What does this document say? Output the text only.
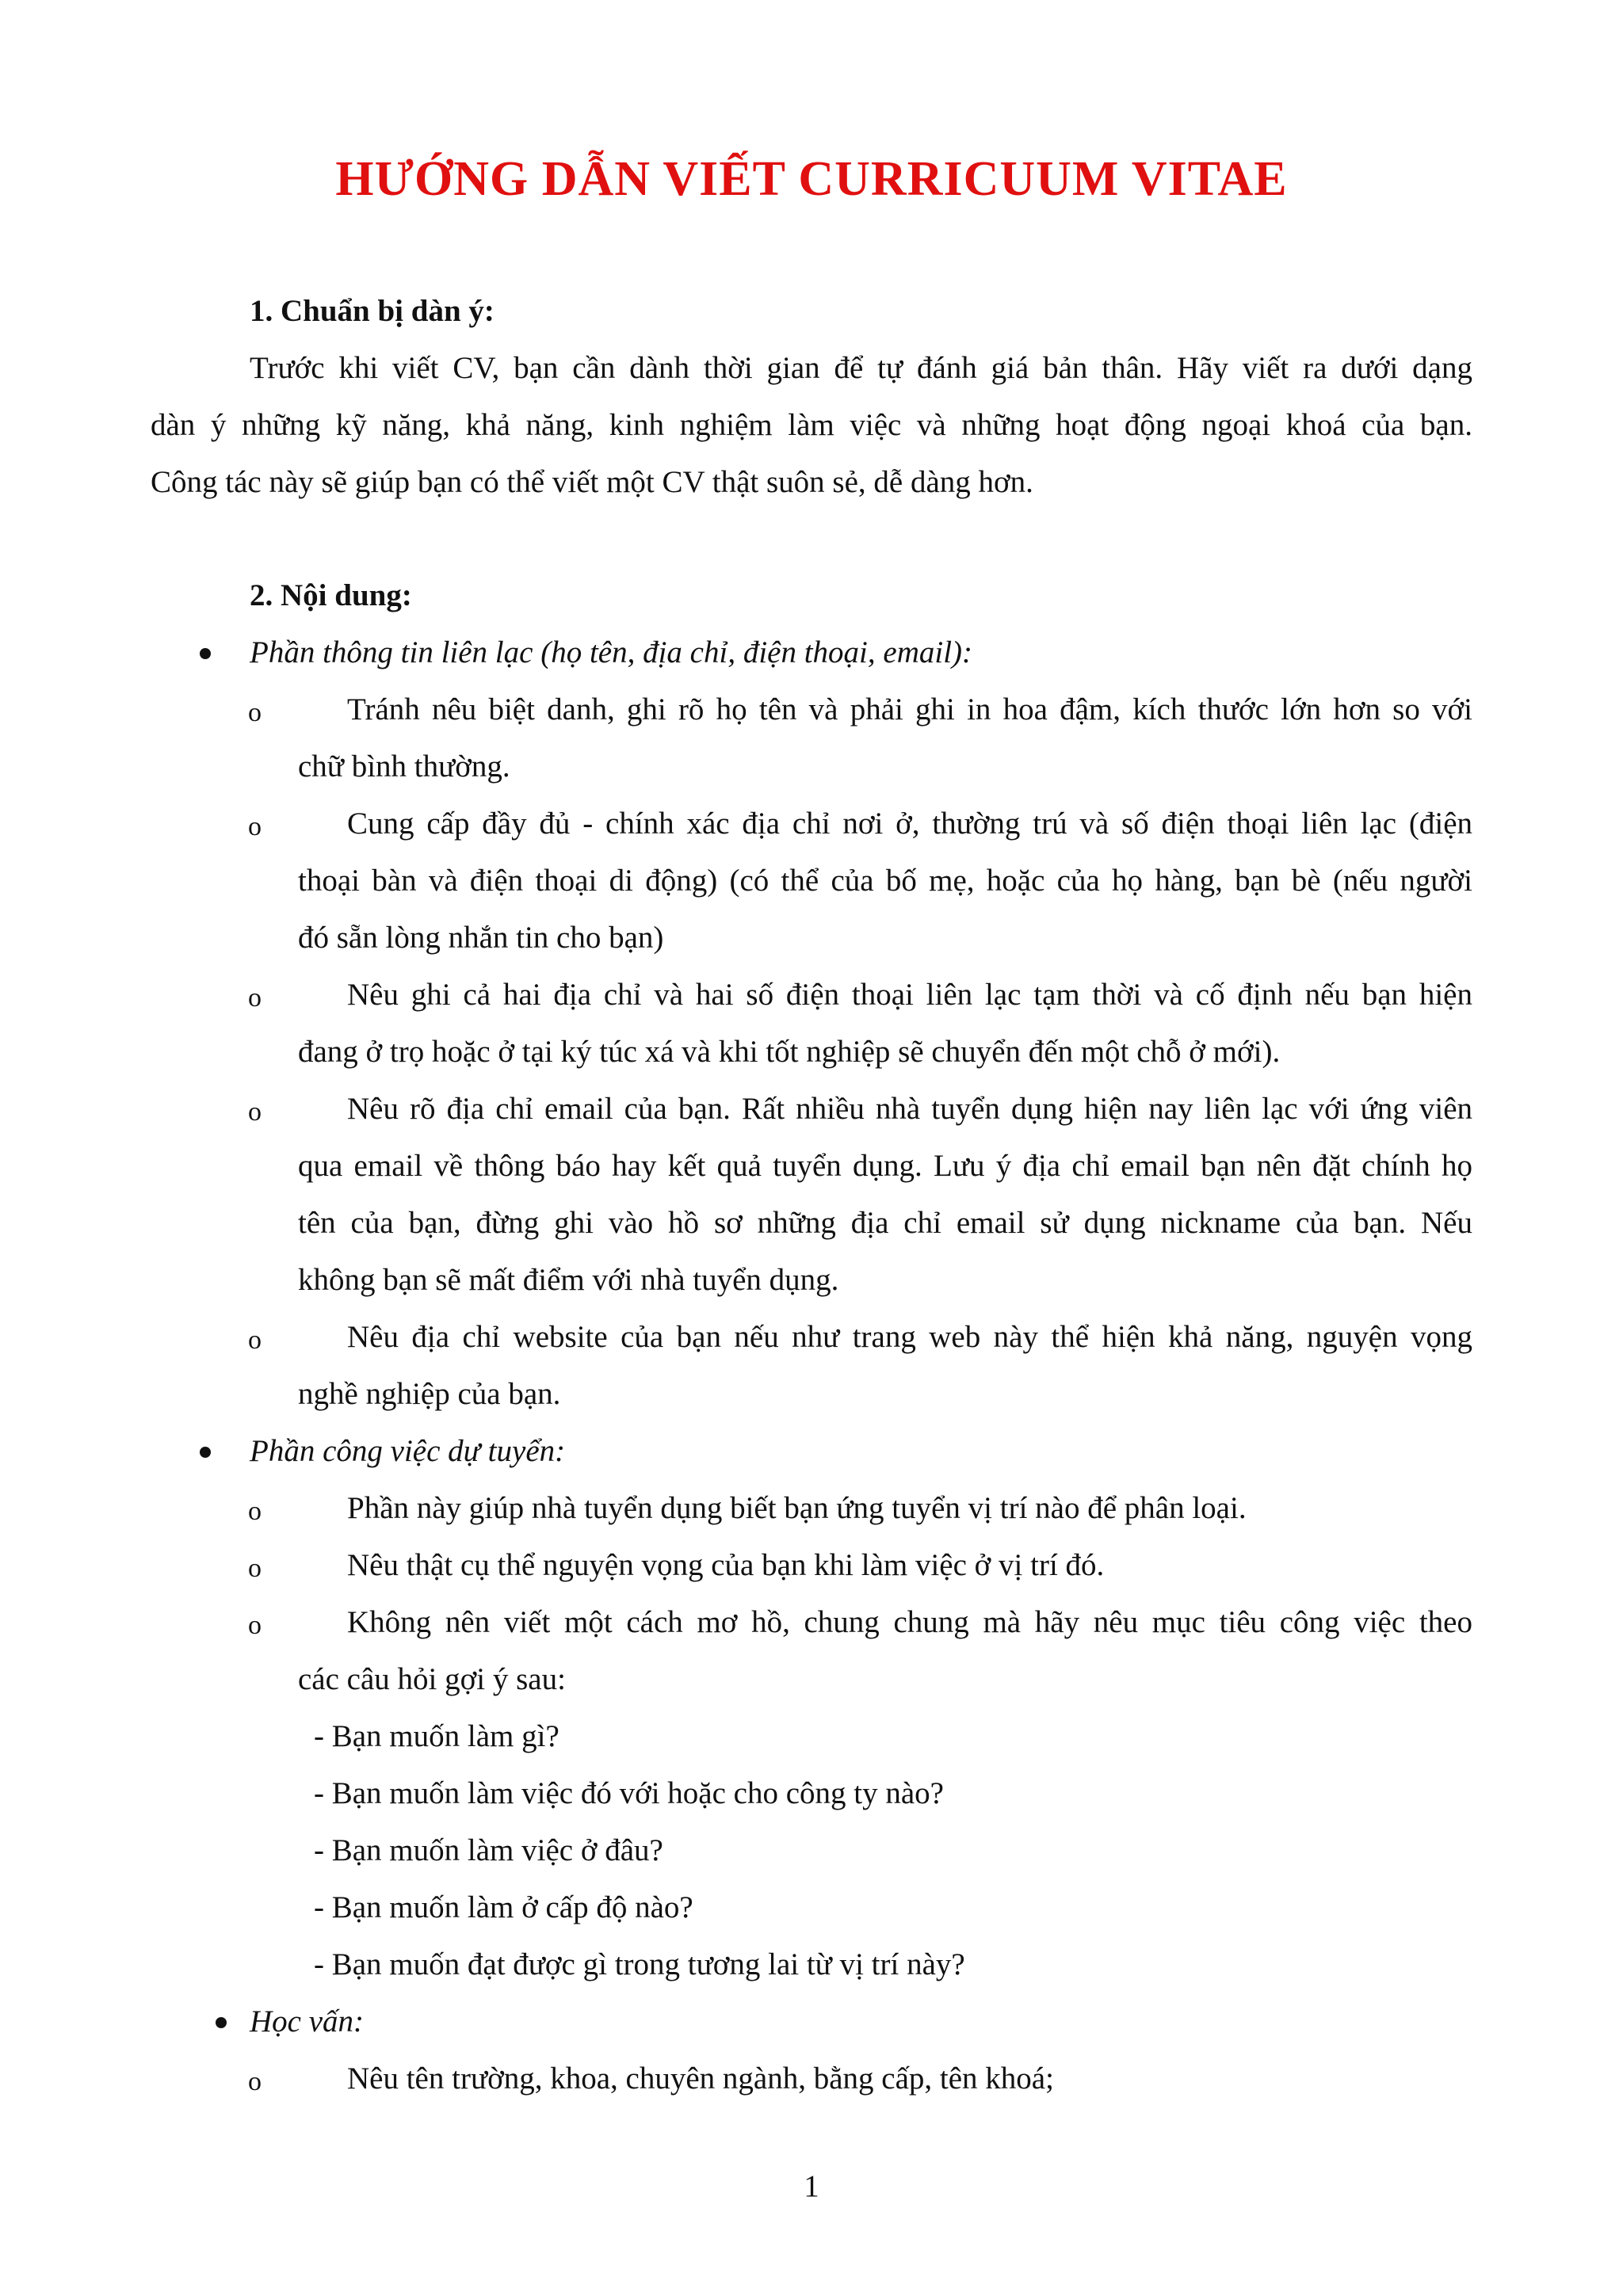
HƯỚNG DẪN VIẾT CURRICUUM VITAE
1. Chuẩn bị dàn ý:
Trước khi viết CV, bạn cần dành thời gian để tự đánh giá bản thân. Hãy viết ra dưới dạng
dàn ý những kỹ năng, khả năng, kinh nghiệm làm việc và những hoạt động ngoại khoá của bạn.
Công tác này sẽ giúp bạn có thể viết một CV thật suôn sẻ, dễ dàng hơn.
2. Nội dung:
Phần thông tin liên lạc (họ tên, địa chỉ, điện thoại, email):
o	Tránh nêu biệt danh, ghi rõ họ tên và phải ghi in hoa đậm, kích thước lớn hơn so với
chữ bình thường.
o	Cung cấp đầy đủ - chính xác địa chỉ nơi ở, thường trú và số điện thoại liên lạc (điện
thoại bàn và điện thoại di động) (có thể của bố mẹ, hoặc của họ hàng, bạn bè (nếu người
đó sẵn lòng nhắn tin cho bạn)
o	Nêu ghi cả hai địa chỉ và hai số điện thoại liên lạc tạm thời và cố định nếu bạn hiện
đang ở trọ hoặc ở tại ký túc xá và khi tốt nghiệp sẽ chuyển đến một chỗ ở mới).
o	Nêu rõ địa chỉ email của bạn. Rất nhiều nhà tuyển dụng hiện nay liên lạc với ứng viên
qua email về thông báo hay kết quả tuyển dụng. Lưu ý địa chỉ email bạn nên đặt chính họ
tên của bạn, đừng ghi vào hồ sơ những địa chỉ email sử dụng nickname của bạn. Nếu
không bạn sẽ mất điểm với nhà tuyển dụng.
o	Nêu địa chỉ website của bạn nếu như trang web này thể hiện khả năng, nguyện vọng
nghề nghiệp của bạn.
Phần công việc dự tuyển:
o	Phần này giúp nhà tuyển dụng biết bạn ứng tuyển vị trí nào để phân loại.
o	Nêu thật cụ thể nguyện vọng của bạn khi làm việc ở vị trí đó.
o	Không nên viết một cách mơ hồ, chung chung mà hãy nêu mục tiêu công việc theo
các câu hỏi gợi ý sau:
- Bạn muốn làm gì?
- Bạn muốn làm việc đó với hoặc cho công ty nào?
- Bạn muốn làm việc ở đâu?
- Bạn muốn làm ở cấp độ nào?
- Bạn muốn đạt được gì trong tương lai từ vị trí này?
Học vấn:
o	Nêu tên trường, khoa, chuyên ngành, bằng cấp, tên khoá;
1
